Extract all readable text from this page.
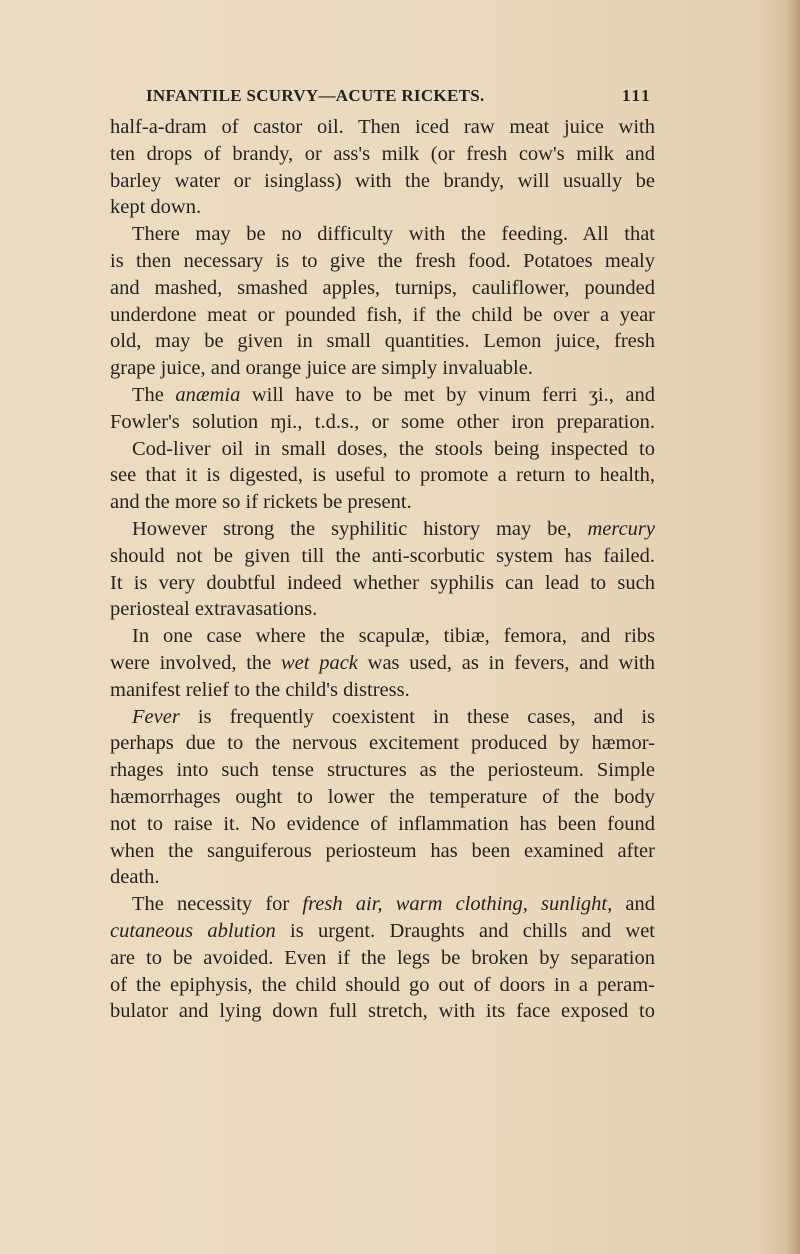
INFANTILE SCURVY—ACUTE RICKETS.	111
half-a-dram of castor oil. Then iced raw meat juice with
ten drops of brandy, or ass's milk (or fresh cow's milk and
barley water or isinglass) with the brandy, will usually be
kept down.
There may be no difficulty with the feeding. All that
is then necessary is to give the fresh food. Potatoes mealy
and mashed, smashed apples, turnips, cauliflower, pounded
underdone meat or pounded fish, if the child be over a year
old, may be given in small quantities. Lemon juice, fresh
grape juice, and orange juice are simply invaluable.
The anæmia will have to be met by vinum ferri ʒi., and
Fowler's solution ɱi., t.d.s., or some other iron preparation.
Cod-liver oil in small doses, the stools being inspected to
see that it is digested, is useful to promote a return to health,
and the more so if rickets be present.
However strong the syphilitic history may be, mercury
should not be given till the anti-scorbutic system has failed.
It is very doubtful indeed whether syphilis can lead to such
periosteal extravasations.
In one case where the scapulæ, tibiæ, femora, and ribs
were involved, the wet pack was used, as in fevers, and with
manifest relief to the child's distress.
Fever is frequently coexistent in these cases, and is
perhaps due to the nervous excitement produced by hæmor-
rhages into such tense structures as the periosteum. Simple
hæmorrhages ought to lower the temperature of the body
not to raise it. No evidence of inflammation has been found
when the sanguiferous periosteum has been examined after
death.
The necessity for fresh air, warm clothing, sunlight, and
cutaneous ablution is urgent. Draughts and chills and wet
are to be avoided. Even if the legs be broken by separation
of the epiphysis, the child should go out of doors in a peram-
bulator and lying down full stretch, with its face exposed to
